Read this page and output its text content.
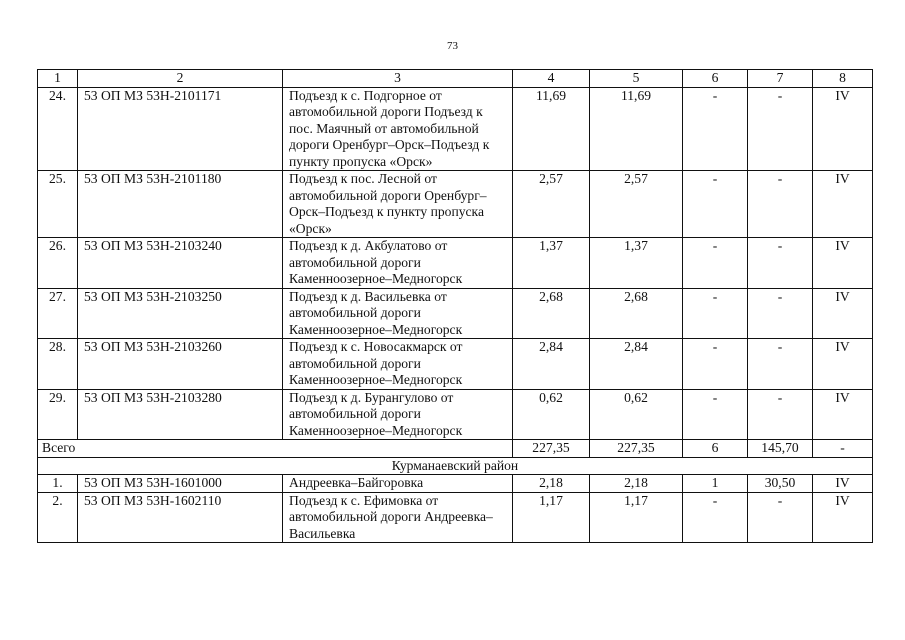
73
1	2	3	4	5	6	7	8
24.	53 ОП МЗ 53Н-2101171	Подъезд к с. Подгорное от автомобильной дороги Подъезд к пос. Маячный от автомобильной дороги Оренбург–Орск–Подъезд к пункту пропуска «Орск»	11,69	11,69	-	-	IV
25.	53 ОП МЗ 53Н-2101180	Подъезд к пос. Лесной от автомобильной дороги Оренбург–Орск–Подъезд к пункту пропуска «Орск»	2,57	2,57	-	-	IV
26.	53 ОП МЗ 53Н-2103240	Подъезд к д. Акбулатово от автомобильной дороги Каменноозерное–Медногорск	1,37	1,37	-	-	IV
27.	53 ОП МЗ 53Н-2103250	Подъезд к д. Васильевка от автомобильной дороги Каменноозерное–Медногорск	2,68	2,68	-	-	IV
28.	53 ОП МЗ 53Н-2103260	Подъезд к с. Новосакмарск от автомобильной дороги Каменноозерное–Медногорск	2,84	2,84	-	-	IV
29.	53 ОП МЗ 53Н-2103280	Подъезд к д. Бурангулово от автомобильной дороги Каменноозерное–Медногорск	0,62	0,62	-	-	IV
Всего			227,35	227,35	6	145,70	-
Курманаевский район							
1.	53 ОП МЗ 53Н-1601000	Андреевка–Байгоровка	2,18	2,18	1	30,50	IV
2.	53 ОП МЗ 53Н-1602110	Подъезд к с. Ефимовка от автомобильной дороги Андреевка–Васильевка	1,17	1,17	-	-	IV
